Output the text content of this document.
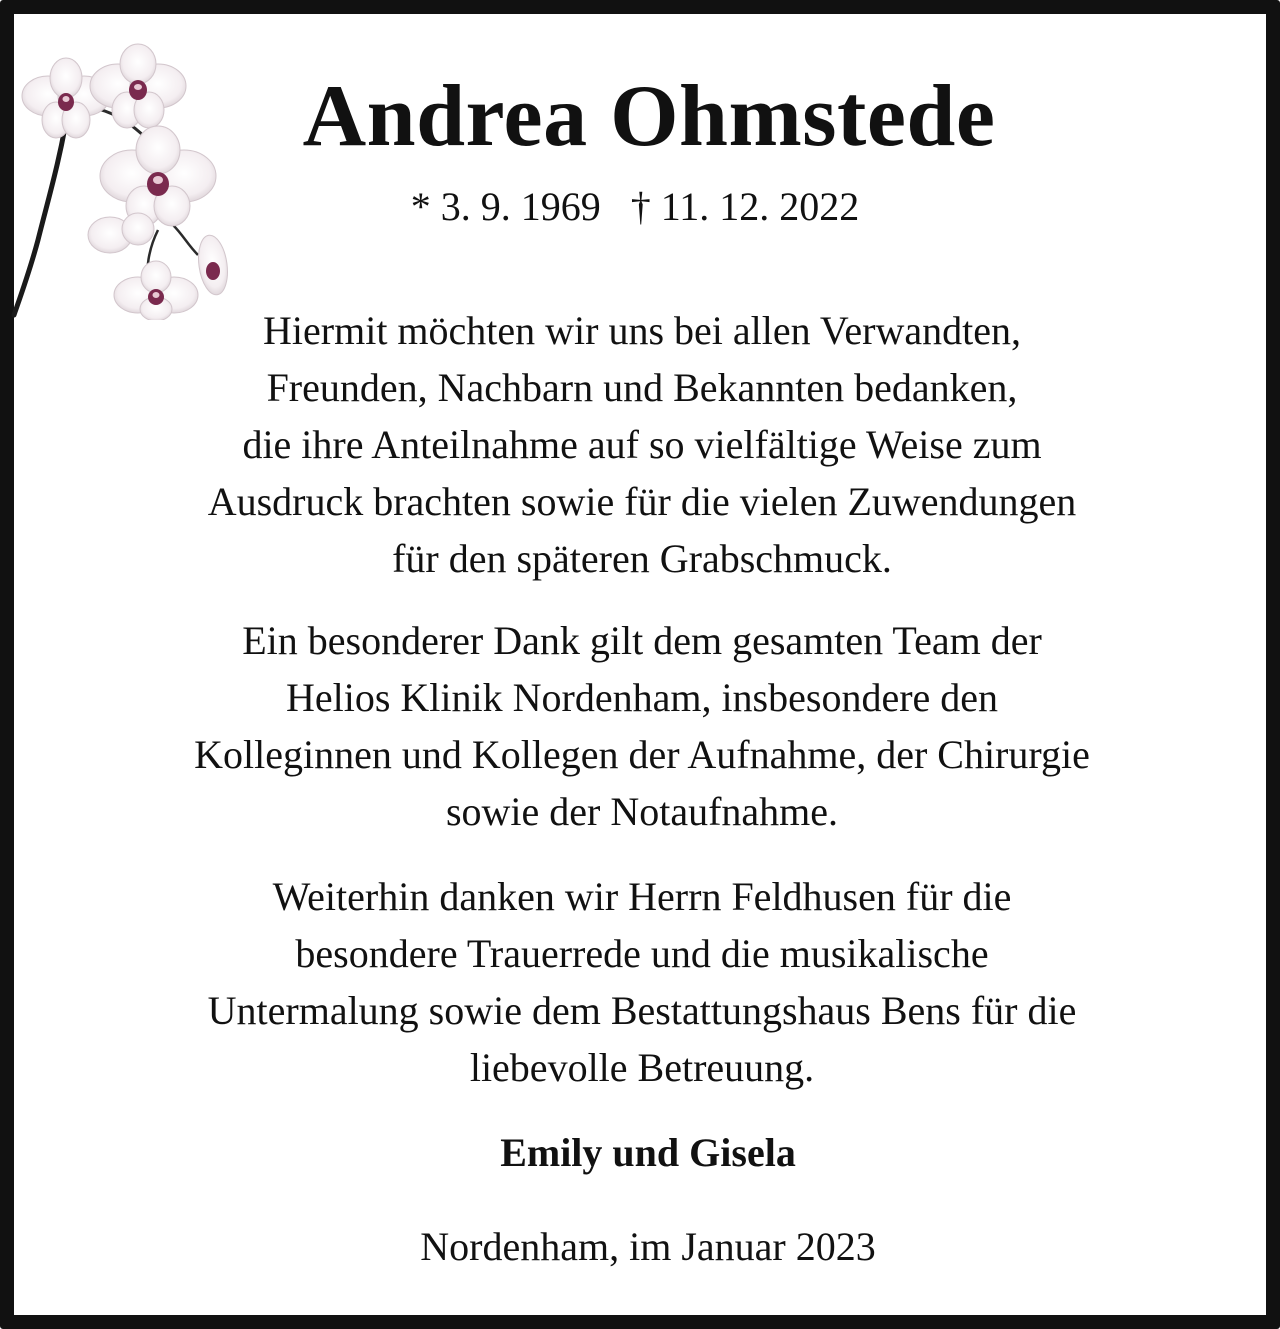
Andrea Ohmstede
* 3. 9. 1969 † 11. 12. 2022

Hiermit möchten wir uns bei allen Verwandten,
Freunden, Nachbarn und Bekannten bedanken,
die ihre Anteilnahme auf so vielfältige Weise zum
Ausdruck brachten sowie für die vielen Zuwendungen
für den späteren Grabschmuck.

Ein besonderer Dank gilt dem gesamten Team der
Helios Klinik Nordenham, insbesondere den
Kolleginnen und Kollegen der Aufnahme, der Chirurgie
sowie der Notaufnahme.

Weiterhin danken wir Herrn Feldhusen für die
besondere Trauerrede und die musikalische
Untermalung sowie dem Bestattungshaus Bens für die
liebevolle Betreuung.

Emily und Gisela
Nordenham, im Januar 2023
